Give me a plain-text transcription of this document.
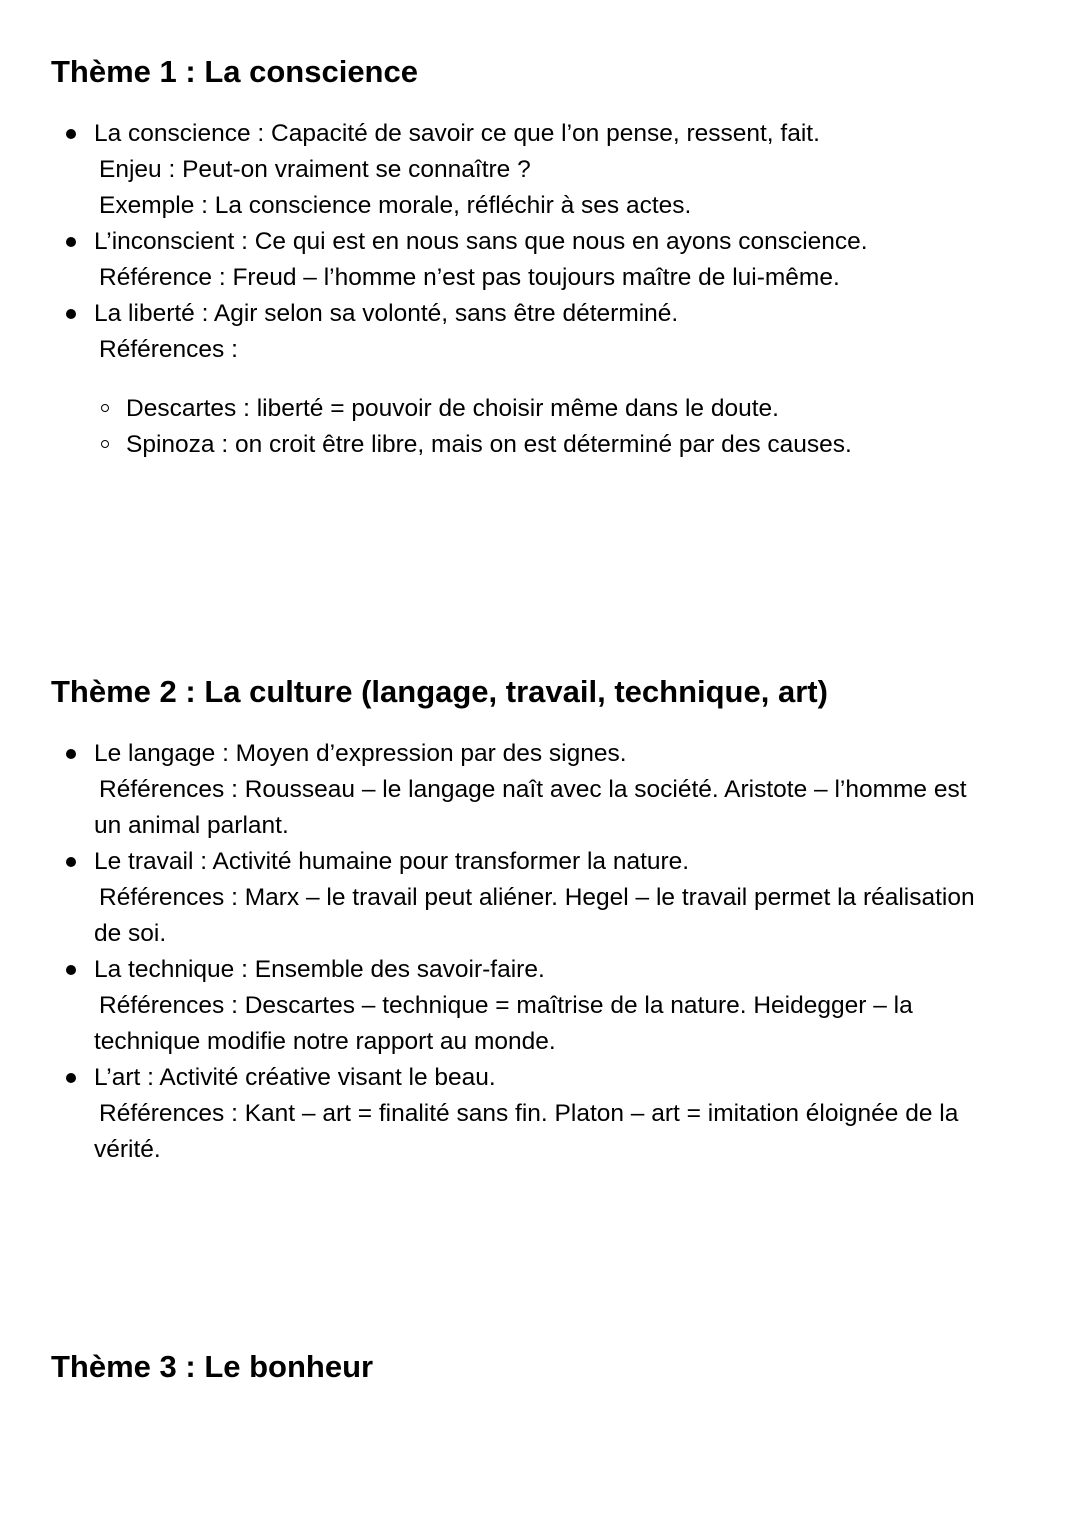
Thème 1 : La conscience
La conscience : Capacité de savoir ce que l’on pense, ressent, fait.
Enjeu : Peut-on vraiment se connaître ?
Exemple : La conscience morale, réfléchir à ses actes.
L’inconscient : Ce qui est en nous sans que nous en ayons conscience.
Référence : Freud – l’homme n’est pas toujours maître de lui-même.
La liberté : Agir selon sa volonté, sans être déterminé.
Références :
Descartes : liberté = pouvoir de choisir même dans le doute.
Spinoza : on croit être libre, mais on est déterminé par des causes.
Thème 2 : La culture (langage, travail, technique, art)
Le langage : Moyen d’expression par des signes.
Références : Rousseau – le langage naît avec la société. Aristote – l’homme est
un animal parlant.
Le travail : Activité humaine pour transformer la nature.
Références : Marx – le travail peut aliéner. Hegel – le travail permet la réalisation
de soi.
La technique : Ensemble des savoir-faire.
Références : Descartes – technique = maîtrise de la nature. Heidegger – la
technique modifie notre rapport au monde.
L’art : Activité créative visant le beau.
Références : Kant – art = finalité sans fin. Platon – art = imitation éloignée de la
vérité.
Thème 3 : Le bonheur
